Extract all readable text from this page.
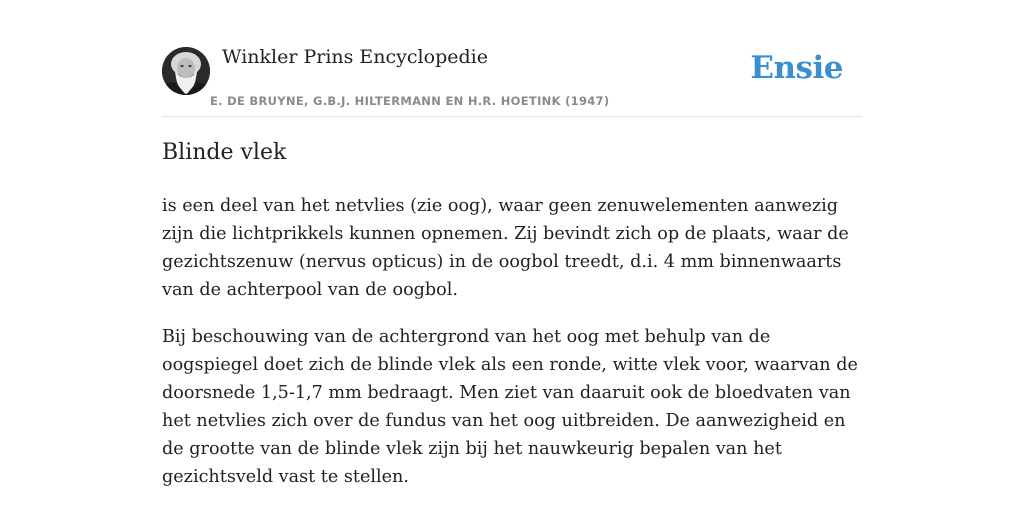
Winkler Prins Encyclopedie
E. DE BRUYNE, G.B.J. HILTERMANN EN H.R. HOETINK (1947)
Ensie
Blinde vlek

is een deel van het netvlies (zie oog), waar geen zenuwelementen aanwezig zijn die lichtprikkels kunnen opnemen. Zij bevindt zich op de plaats, waar de gezichtszenuw (nervus opticus) in de oogbol treedt, d.i. 4 mm binnenwaarts van de achterpool van de oogbol.

Bij beschouwing van de achtergrond van het oog met behulp van de oogspiegel doet zich de blinde vlek als een ronde, witte vlek voor, waarvan de doorsnede 1,5-1,7 mm bedraagt. Men ziet van daaruit ook de bloedvaten van het netvlies zich over de fundus van het oog uitbreiden. De aanwezigheid en de grootte van de blinde vlek zijn bij het nauwkeurig bepalen van het gezichtsveld vast te stellen.
